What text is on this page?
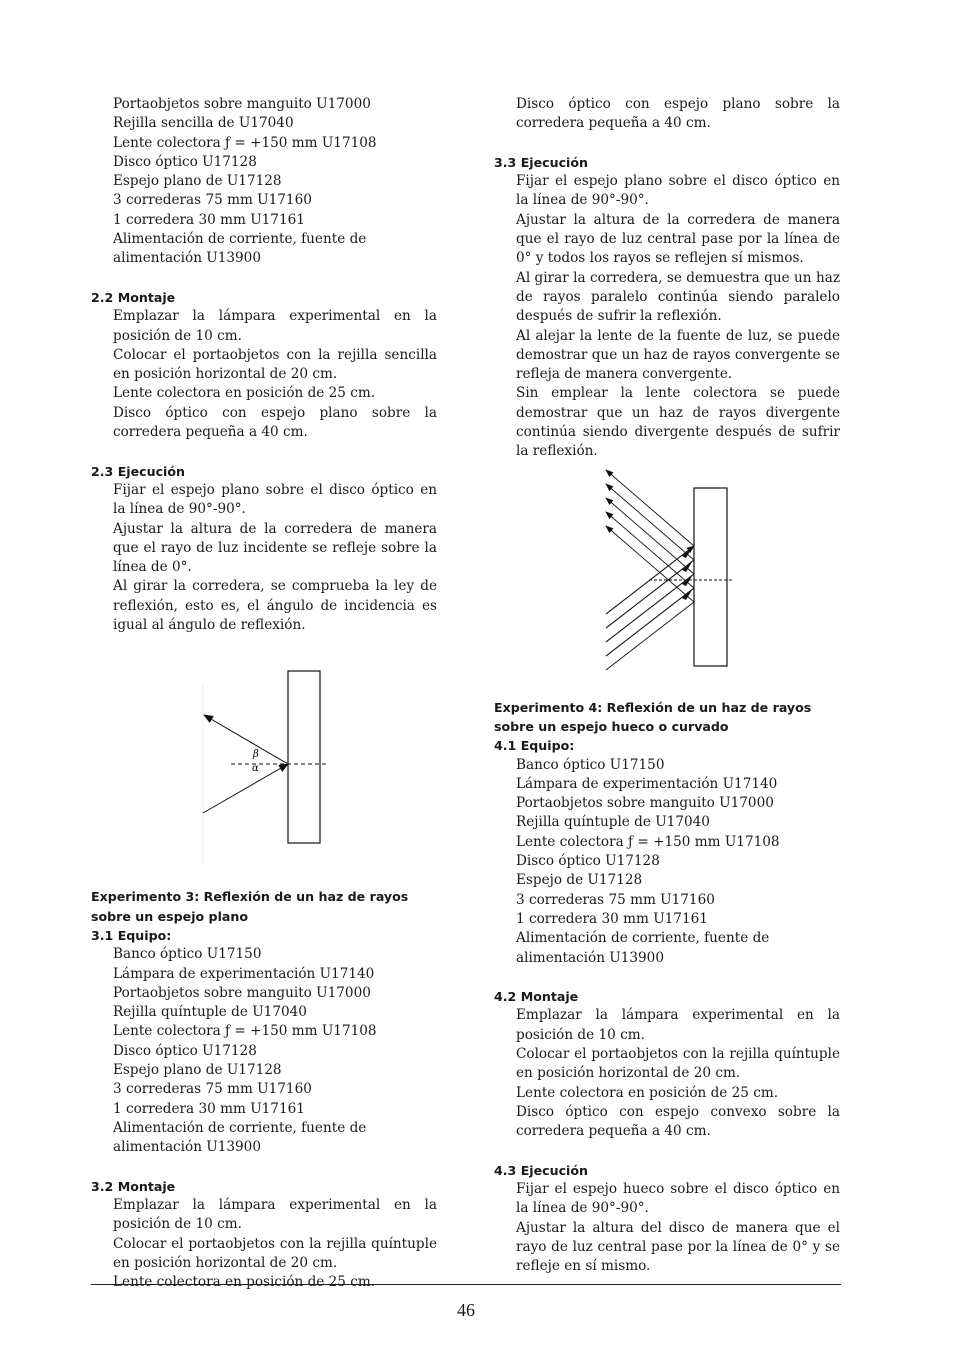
Portaobjetos sobre manguito U17000

Rejilla sencilla de U17040

Lente colectora ƒ = +150 mm U17108

Disco óptico U17128

Espejo plano de U17128

3 correderas 75 mm U17160

1 corredera 30 mm U17161

Alimentación de corriente, fuente de alimentación U13900

2.2 Montaje

Emplazar la lámpara experimental en la posición de 10 cm.

Colocar el portaobjetos con la rejilla sencilla en posición horizontal de 20 cm.

Lente colectora en posición de 25 cm.

Disco óptico con espejo plano sobre la corredera pequeña a 40 cm.

2.3 Ejecución

Fijar el espejo plano sobre el disco óptico en la línea de 90°-90°.

Ajustar la altura de la corredera de manera que el rayo de luz incidente se refleje sobre la línea de 0°.

Al girar la corredera, se comprueba la ley de reflexión, esto es, el ángulo de incidencia es igual al ángulo de reflexión.

β
α

Experimento 3: Reflexión de un haz de rayos sobre un espejo plano

3.1 Equipo:

Banco óptico U17150

Lámpara de experimentación U17140

Portaobjetos sobre manguito U17000

Rejilla quíntuple de U17040

Lente colectora ƒ = +150 mm U17108

Disco óptico U17128

Espejo plano de U17128

3 correderas 75 mm U17160

1 corredera 30 mm U17161

Alimentación de corriente, fuente de alimentación U13900

3.2 Montaje

Emplazar la lámpara experimental en la posición de 10 cm.

Colocar el portaobjetos con la rejilla quíntuple en posición horizontal de 20 cm.

Lente colectora en posición de 25 cm.

Disco óptico con espejo plano sobre la corredera pequeña a 40 cm.

3.3 Ejecución

Fijar el espejo plano sobre el disco óptico en la línea de 90°-90°.

Ajustar la altura de la corredera de manera que el rayo de luz central pase por la línea de 0° y todos los rayos se reflejen sí mismos.

Al girar la corredera, se demuestra que un haz de rayos paralelo continúa siendo paralelo después de sufrir la reflexión.

Al alejar la lente de la fuente de luz, se puede demostrar que un haz de rayos convergente se refleja de manera convergente.

Sin emplear la lente colectora se puede demostrar que un haz de rayos divergente continúa siendo divergente después de sufrir la reflexión.

Experimento 4: Reflexión de un haz de rayos sobre un espejo hueco o curvado

4.1 Equipo:

Banco óptico U17150

Lámpara de experimentación U17140

Portaobjetos sobre manguito U17000

Rejilla quíntuple de U17040

Lente colectora ƒ = +150 mm U17108

Disco óptico U17128

Espejo de U17128

3 correderas 75 mm U17160

1 corredera 30 mm U17161

Alimentación de corriente, fuente de alimentación U13900

4.2 Montaje

Emplazar la lámpara experimental en la posición de 10 cm.

Colocar el portaobjetos con la rejilla quíntuple en posición horizontal de 20 cm.

Lente colectora en posición de 25 cm.

Disco óptico con espejo convexo sobre la corredera pequeña a 40 cm.

4.3 Ejecución

Fijar el espejo hueco sobre el disco óptico en la línea de 90°-90°.

Ajustar la altura del disco de manera que el rayo de luz central pase por la línea de 0° y se refleje en sí mismo.

46
